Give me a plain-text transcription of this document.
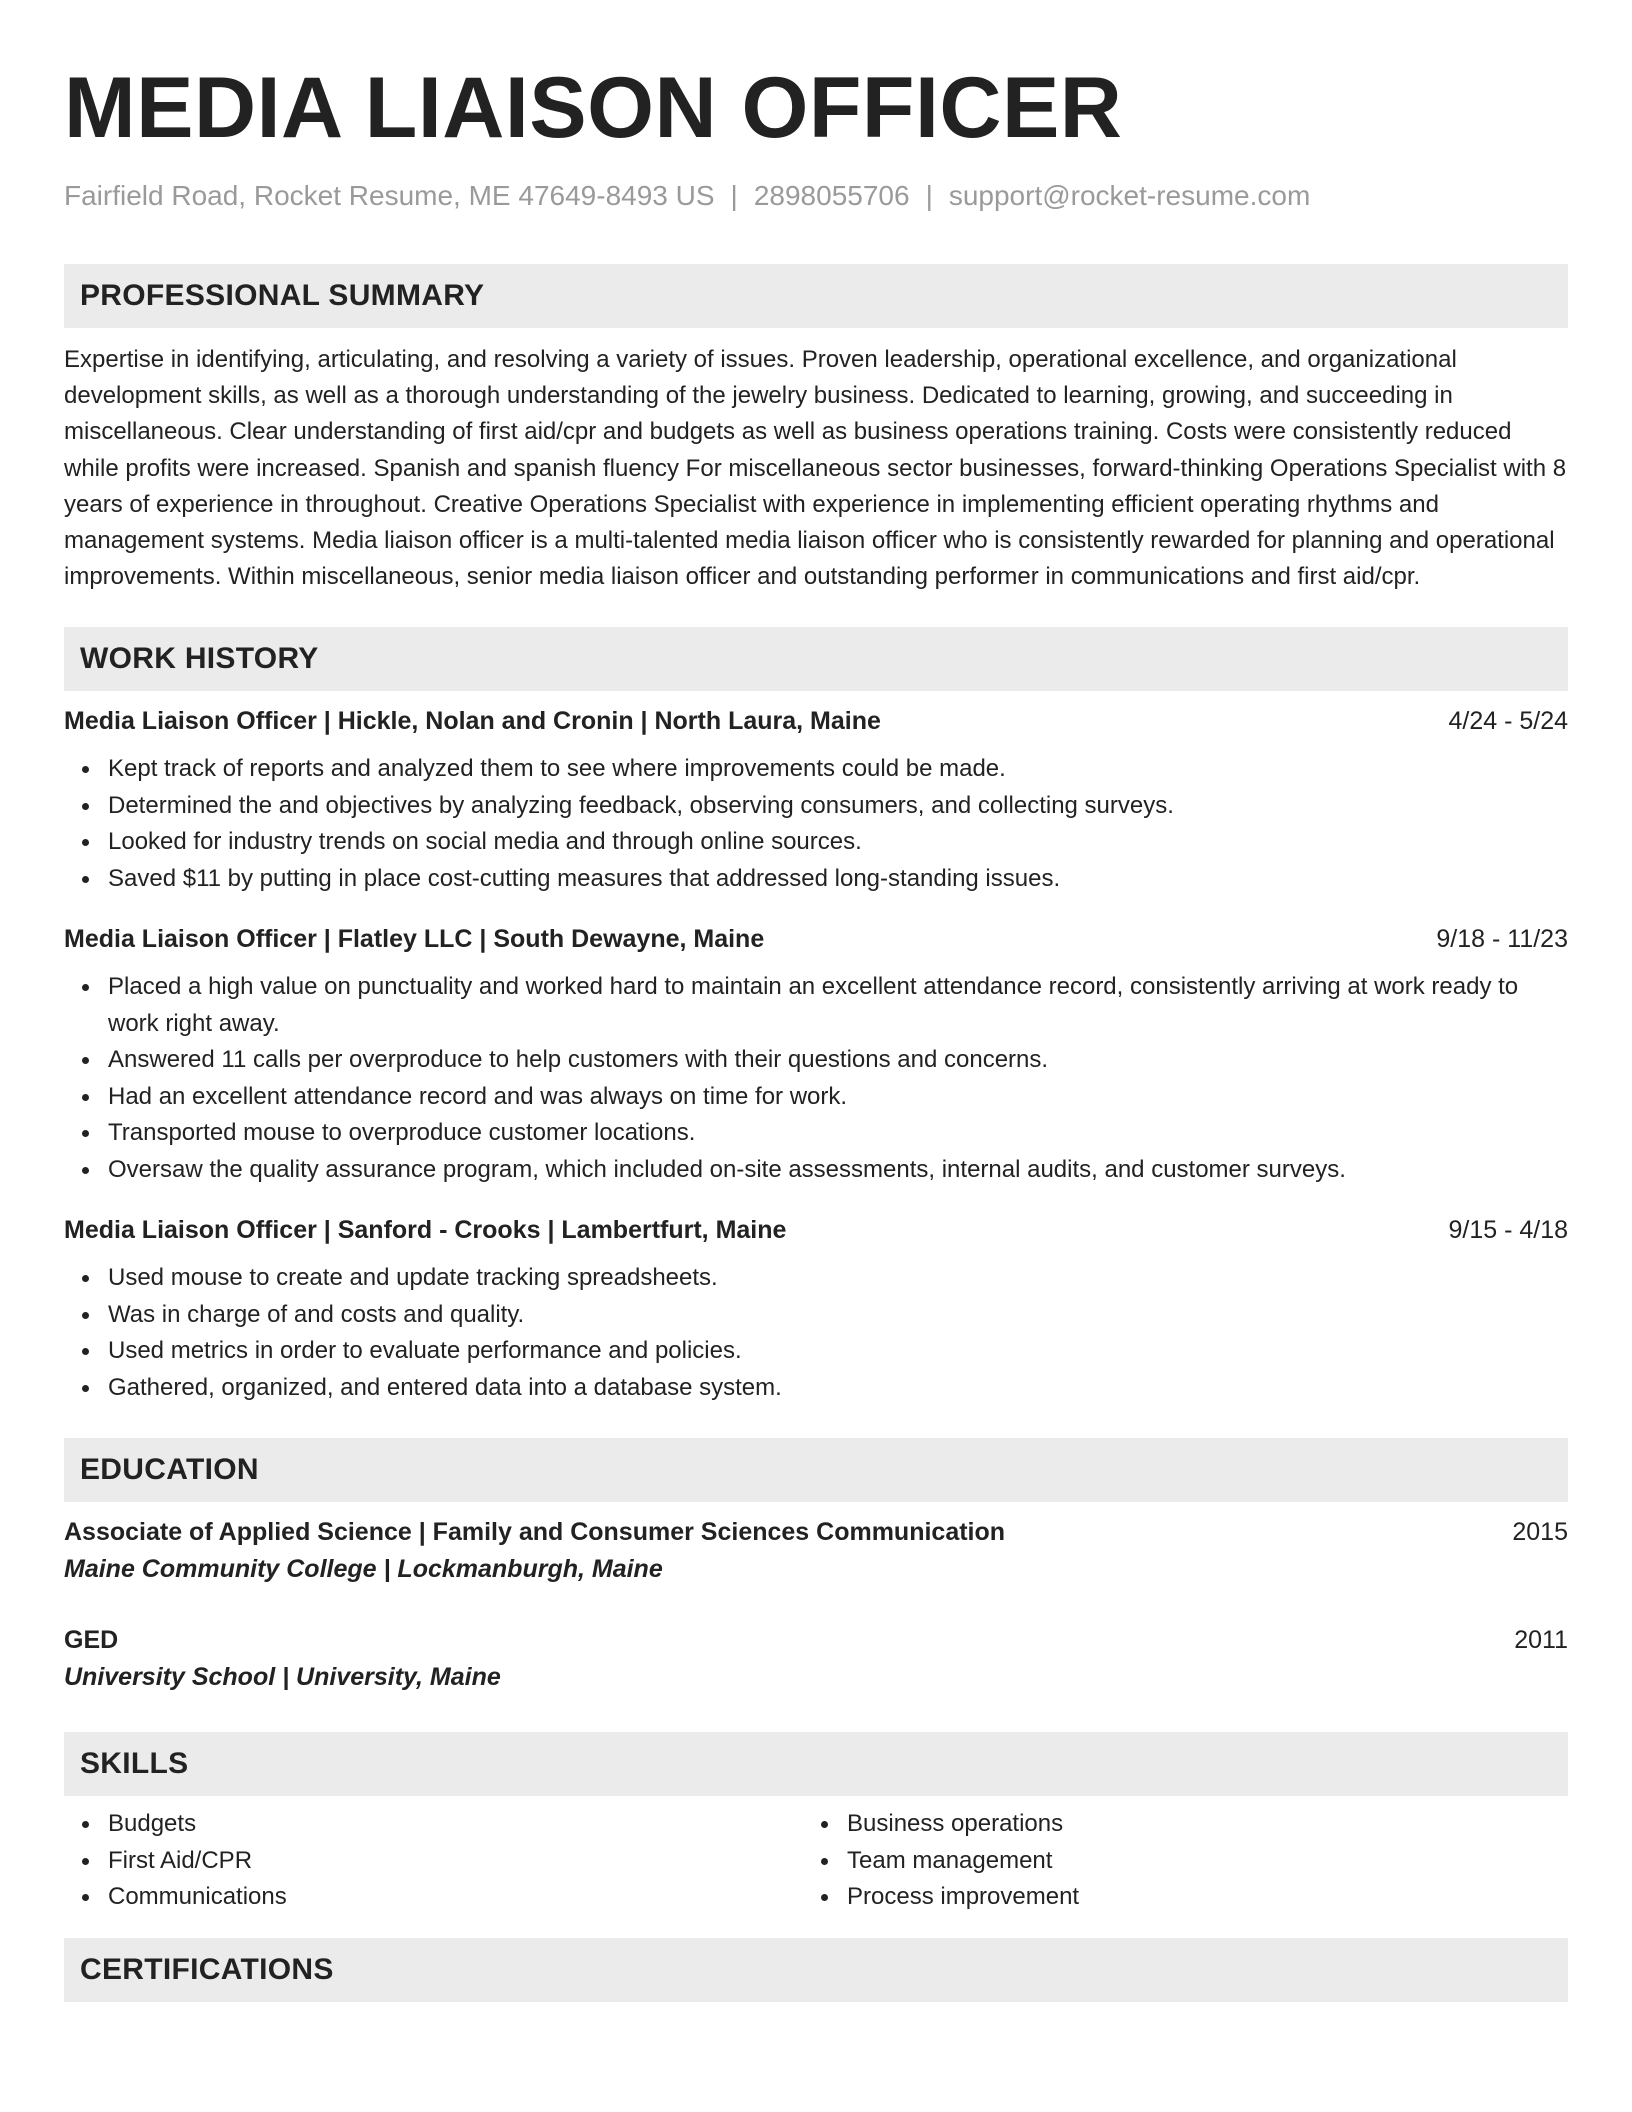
MEDIA LIAISON OFFICER
Fairfield Road, Rocket Resume, ME 47649-8493 US | 2898055706 | support@rocket-resume.com
PROFESSIONAL SUMMARY

Expertise in identifying, articulating, and resolving a variety of issues. Proven leadership, operational excellence, and organizational development skills, as well as a thorough understanding of the jewelry business. Dedicated to learning, growing, and succeeding in miscellaneous. Clear understanding of first aid/cpr and budgets as well as business operations training. Costs were consistently reduced while profits were increased. Spanish and spanish fluency For miscellaneous sector businesses, forward-thinking Operations Specialist with 8 years of experience in throughout. Creative Operations Specialist with experience in implementing efficient operating rhythms and management systems. Media liaison officer is a multi-talented media liaison officer who is consistently rewarded for planning and operational improvements. Within miscellaneous, senior media liaison officer and outstanding performer in communications and first aid/cpr.

WORK HISTORY
Media Liaison Officer | Hickle, Nolan and Cronin | North Laura, Maine	4/24 - 5/24
Kept track of reports and analyzed them to see where improvements could be made.
Determined the and objectives by analyzing feedback, observing consumers, and collecting surveys.
Looked for industry trends on social media and through online sources.
Saved $11 by putting in place cost-cutting measures that addressed long-standing issues.
Media Liaison Officer | Flatley LLC | South Dewayne, Maine	9/18 - 11/23
Placed a high value on punctuality and worked hard to maintain an excellent attendance record, consistently arriving at work ready to work right away.
Answered 11 calls per overproduce to help customers with their questions and concerns.
Had an excellent attendance record and was always on time for work.
Transported mouse to overproduce customer locations.
Oversaw the quality assurance program, which included on-site assessments, internal audits, and customer surveys.
Media Liaison Officer | Sanford - Crooks | Lambertfurt, Maine	9/15 - 4/18
Used mouse to create and update tracking spreadsheets.
Was in charge of and costs and quality.
Used metrics in order to evaluate performance and policies.
Gathered, organized, and entered data into a database system.
EDUCATION
Associate of Applied Science | Family and Consumer Sciences Communication	2015
Maine Community College | Lockmanburgh, Maine
GED	2011
University School | University, Maine
SKILLS
Budgets
First Aid/CPR
Communications
Business operations
Team management
Process improvement
CERTIFICATIONS
